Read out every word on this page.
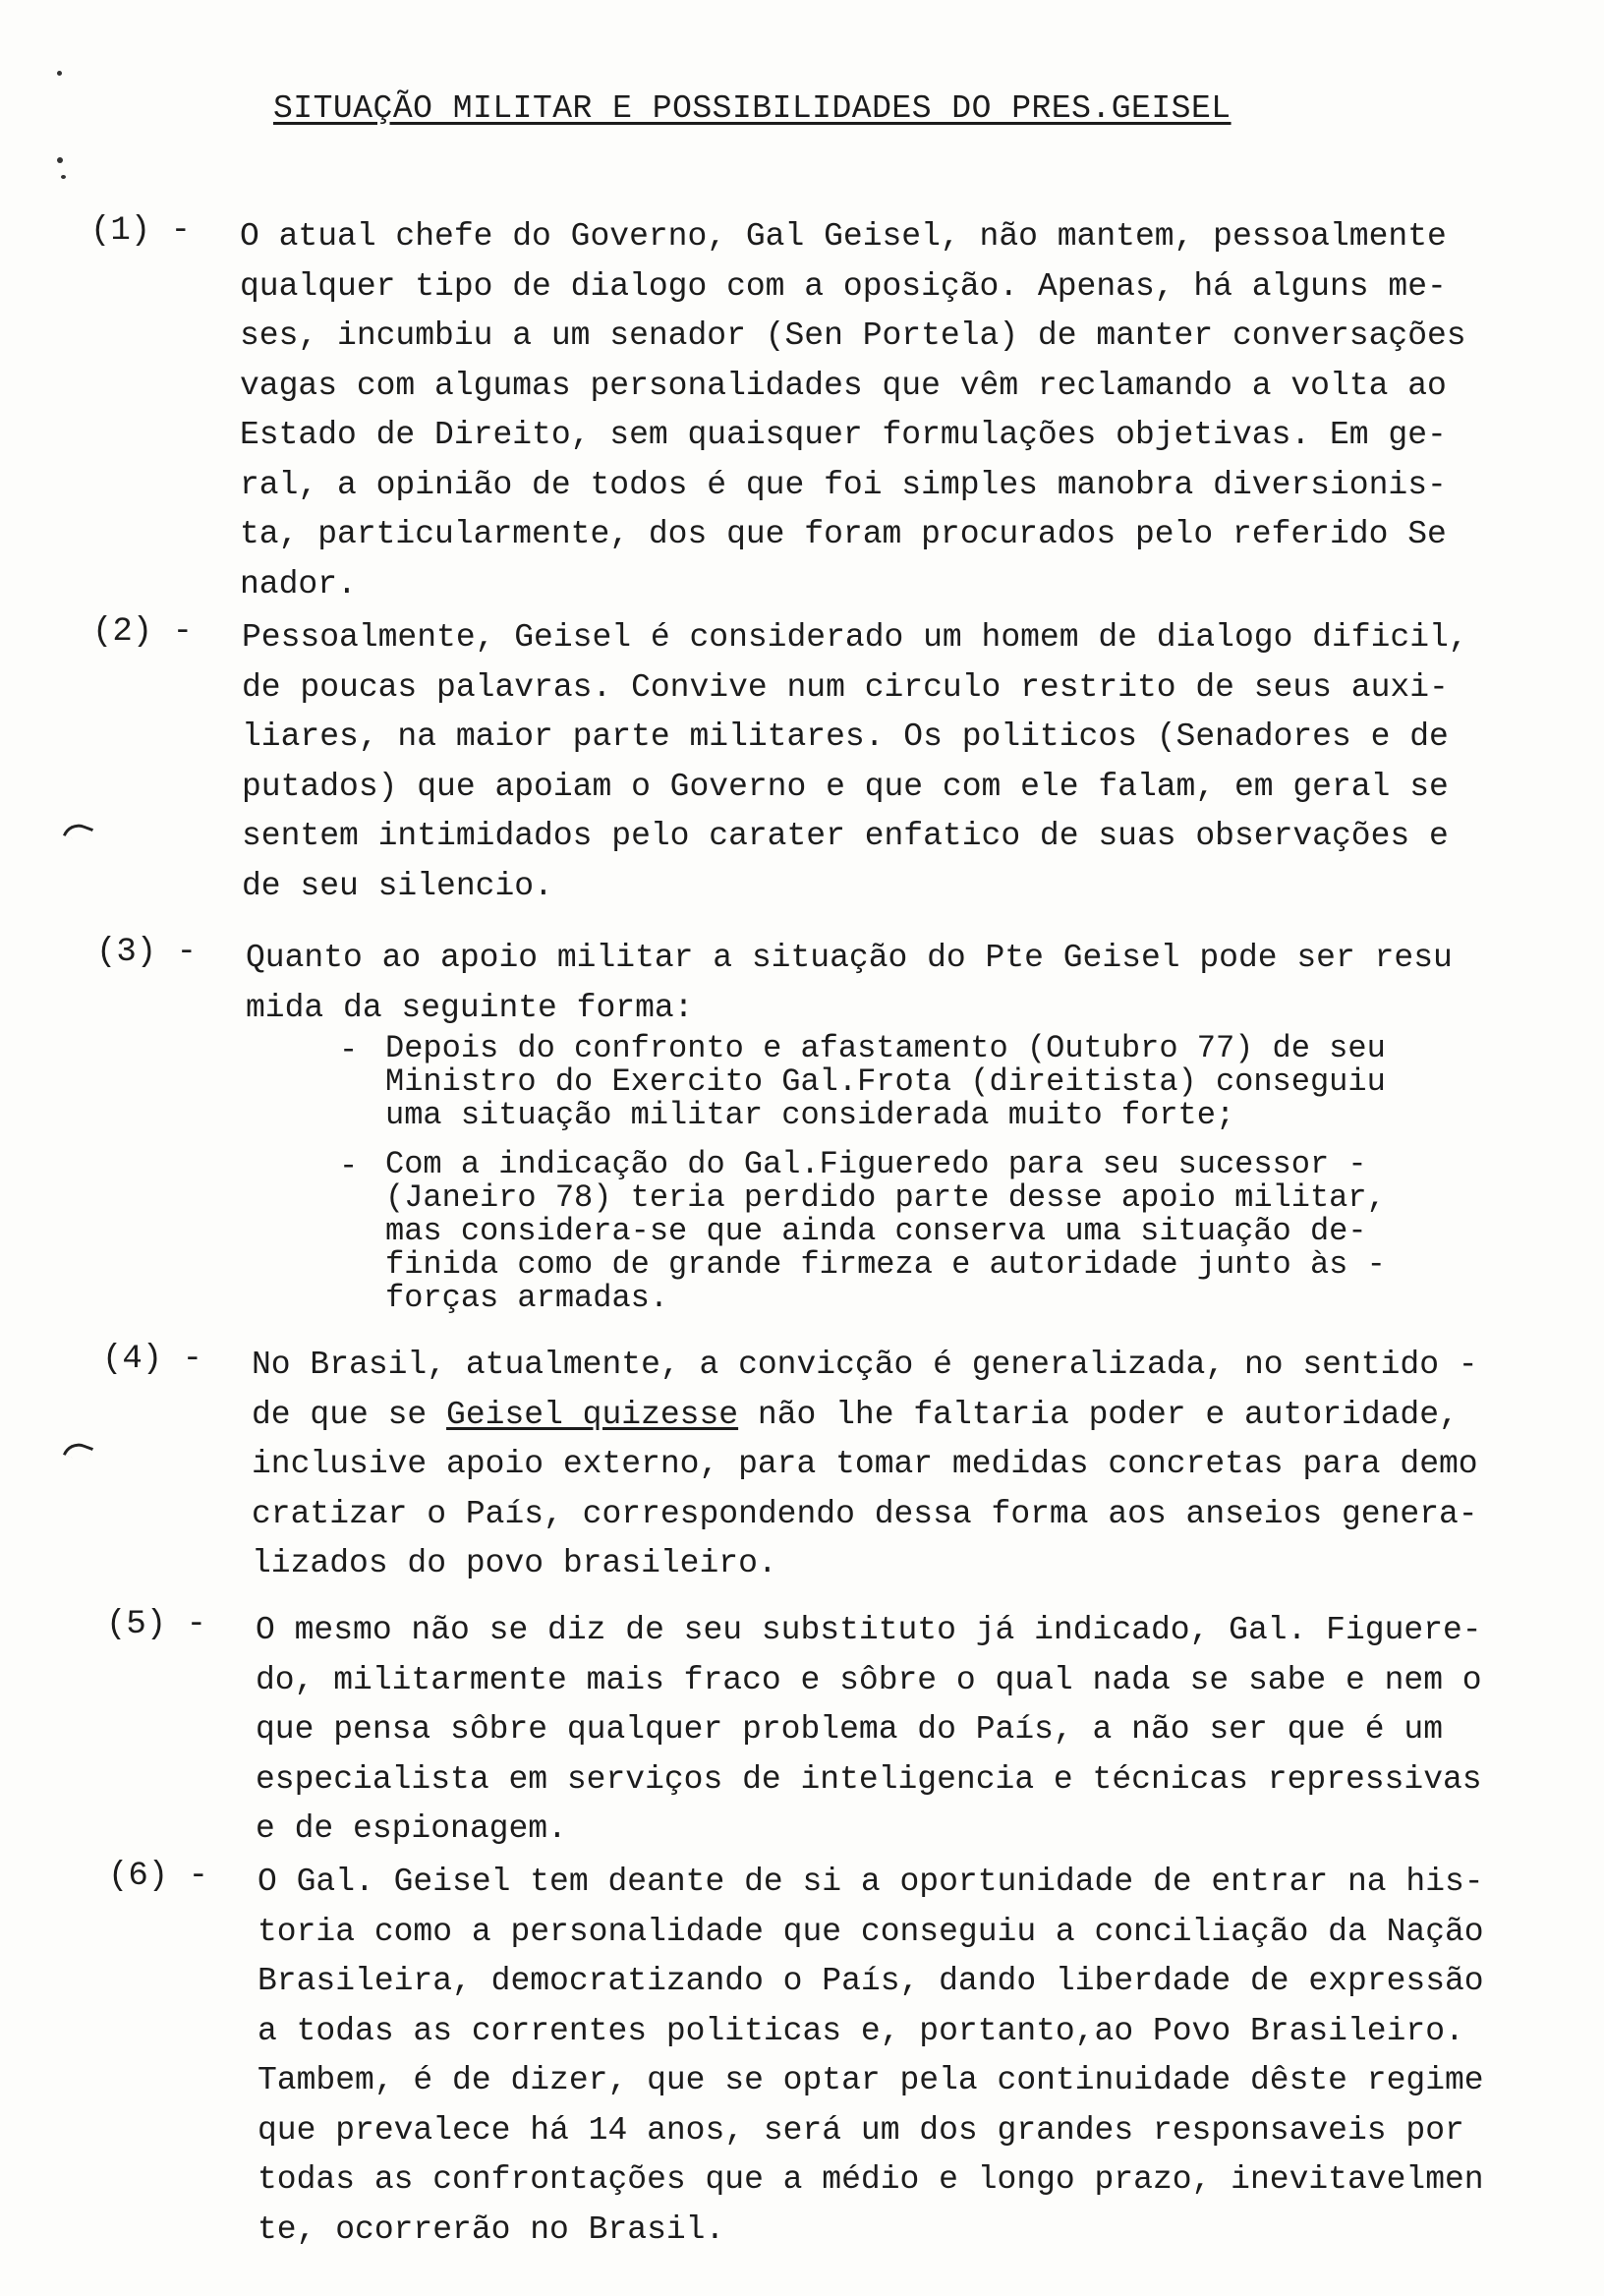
SITUAÇÃO MILITAR E POSSIBILIDADES DO PRES.GEISEL
(1) - O atual chefe do Governo, Gal Geisel, não mantem, pessoalmente
qualquer tipo de dialogo com a oposição. Apenas, há alguns me-
ses, incumbiu a um senador (Sen Portela) de manter conversações
vagas com algumas personalidades que vêm reclamando a volta ao
Estado de Direito, sem quaisquer formulações objetivas. Em ge-
ral, a opinião de todos é que foi simples manobra diversionis-
ta, particularmente, dos que foram procurados pelo referido Se
nador.
(2) - Pessoalmente, Geisel é considerado um homem de dialogo dificil,
de poucas palavras. Convive num circulo restrito de seus auxi-
liares, na maior parte militares. Os politicos (Senadores e de
putados) que apoiam o Governo e que com ele falam, em geral se
sentem intimidados pelo carater enfatico de suas observações e
de seu silencio.
(3) - Quanto ao apoio militar a situação do Pte Geisel pode ser resu
mida da seguinte forma:
- Depois do confronto e afastamento (Outubro 77) de seu
Ministro do Exercito Gal.Frota (direitista) conseguiu
uma situação militar considerada muito forte;
- Com a indicação do Gal.Figueredo para seu sucessor -
(Janeiro 78) teria perdido parte desse apoio militar,
mas considera-se que ainda conserva uma situação de-
finida como de grande firmeza e autoridade junto às -
forças armadas.
(4) - No Brasil, atualmente, a convicção é generalizada, no sentido -
de que se Geisel quizesse não lhe faltaria poder e autoridade,
inclusive apoio externo, para tomar medidas concretas para demo
cratizar o País, correspondendo dessa forma aos anseios genera-
lizados do povo brasileiro.
(5) - O mesmo não se diz de seu substituto já indicado, Gal. Figuere-
do, militarmente mais fraco e sôbre o qual nada se sabe e nem o
que pensa sôbre qualquer problema do País, a não ser que é um
especialista em serviços de inteligencia e técnicas repressivas
e de espionagem.
(6) - O Gal. Geisel tem deante de si a oportunidade de entrar na his-
toria como a personalidade que conseguiu a conciliação da Nação
Brasileira, democratizando o País, dando liberdade de expressão
a todas as correntes politicas e, portanto,ao Povo Brasileiro.
Tambem, é de dizer, que se optar pela continuidade dêste regime
que prevalece há 14 anos, será um dos grandes responsaveis por
todas as confrontações que a médio e longo prazo, inevitavelmen
te, ocorrerão no Brasil.
